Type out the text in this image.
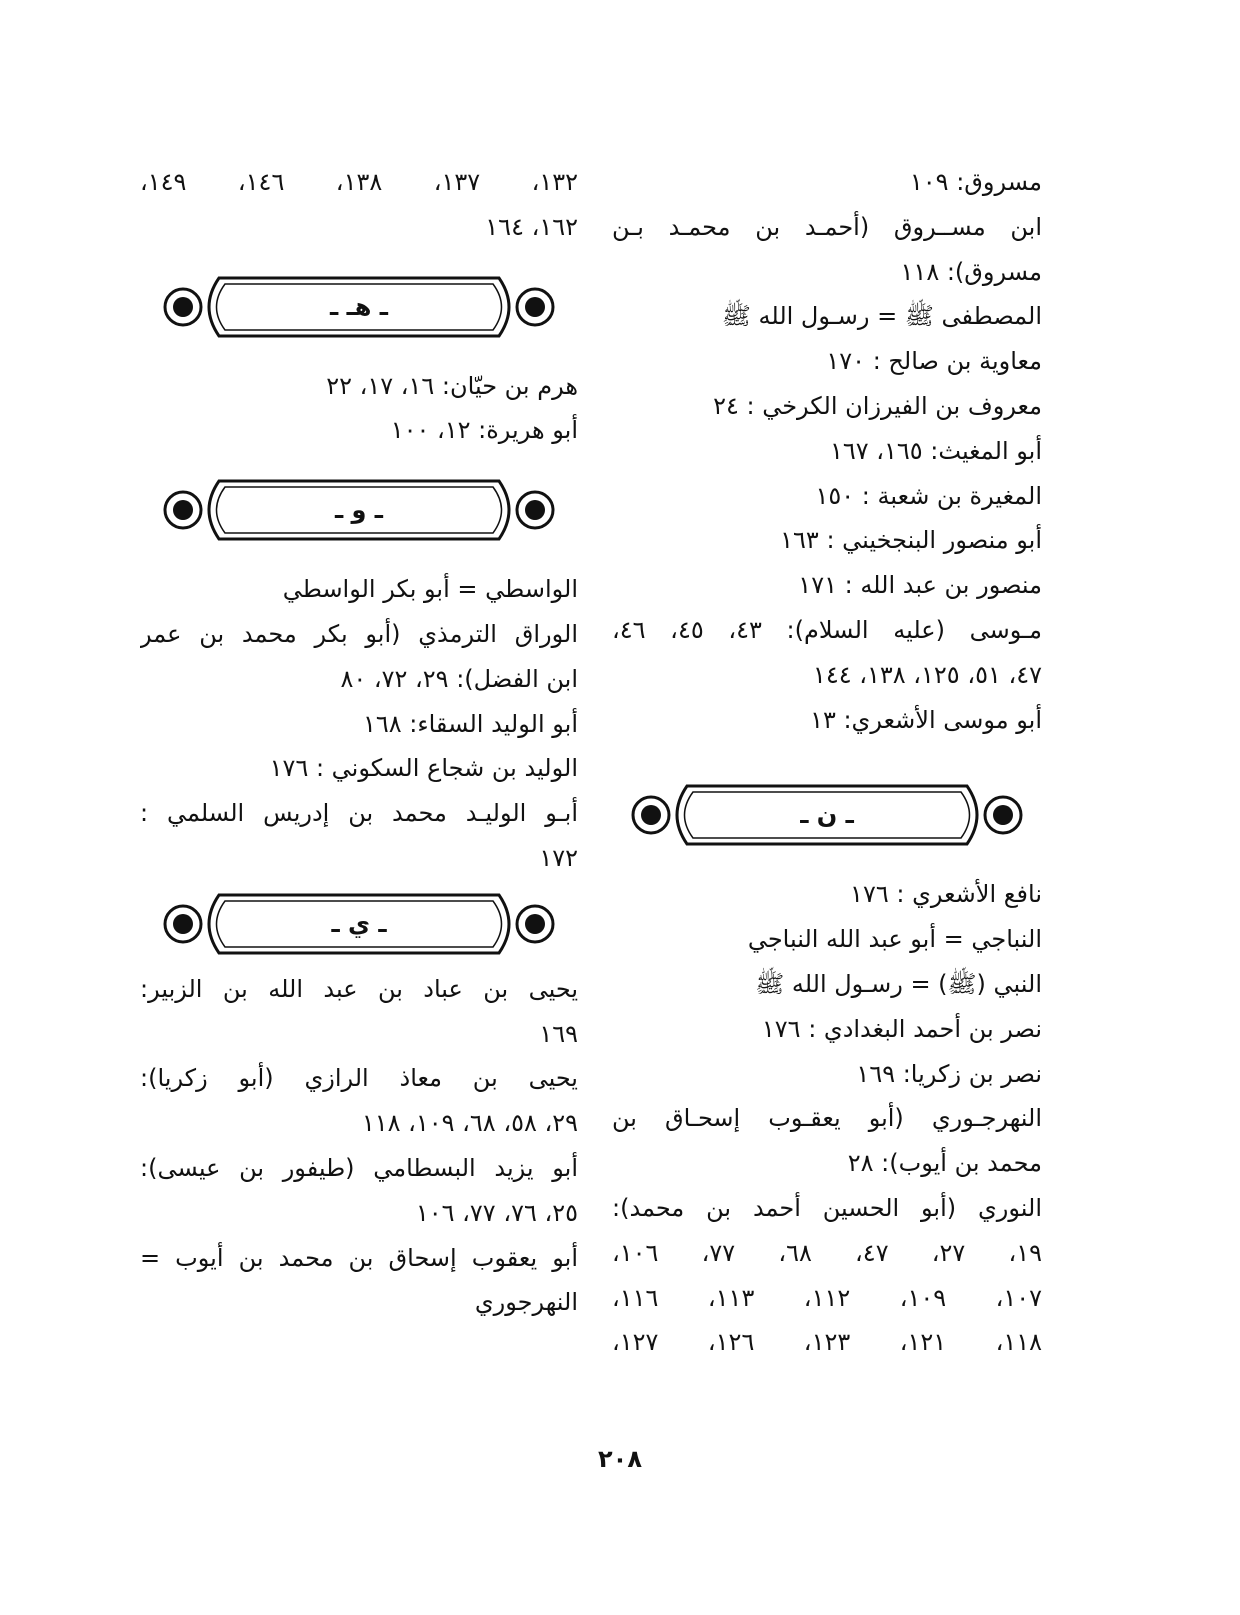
مسروق: ١٠٩
ابن مســروق (أحمـد بن محمـد بـن
مسروق): ١١٨
المصطفى ﷺ = رسـول الله ﷺ
معاوية بن صالح : ١٧٠
معروف بن الفيرزان الكرخي : ٢٤
أبو المغيث: ١٦٥، ١٦٧
المغيرة بن شعبة : ١٥٠
أبو منصور البنجخيني : ١٦٣
منصور بن عبد الله : ١٧١
مـوسى (عليه السلام): ٤٣، ٤٥، ٤٦،
٤٧، ٥١، ١٢٥، ١٣٨، ١٤٤
أبو موسى الأشعري: ١٣
ـ ن ـ
نافع الأشعري : ١٧٦
النباجي = أبو عبد الله النباجي
النبي (ﷺ) = رسـول الله ﷺ
نصر بن أحمد البغدادي : ١٧٦
نصر بن زكريا: ١٦٩
النهرجـوري (أبو يعقـوب إسحـاق بن
محمد بن أيوب): ٢٨
النوري (أبو الحسين أحمد بن محمد):
١٩، ٢٧، ٤٧، ٦٨، ٧٧، ١٠٦،
١٠٧، ١٠٩، ١١٢، ١١٣، ١١٦،
١١٨، ١٢١، ١٢٣، ١٢٦، ١٢٧،
١٣٢، ١٣٧، ١٣٨، ١٤٦، ١٤٩،
١٦٢، ١٦٤
ـ هـ ـ
هرم بن حيّان: ١٦، ١٧، ٢٢
أبو هريرة: ١٢، ١٠٠
ـ و ـ
الواسطي = أبو بكر الواسطي
الوراق الترمذي (أبو بكر محمد بن عمر
ابن الفضل): ٢٩، ٧٢، ٨٠
أبو الوليد السقاء: ١٦٨
الوليد بن شجاع السكوني : ١٧٦
أبـو الوليـد محمد بن إدريس السلمي :
١٧٢
ـ ي ـ
يحيى بن عباد بن عبد الله بن الزبير:
١٦٩
يحيى بن معاذ الرازي (أبو زكريا):
٢٩، ٥٨، ٦٨، ١٠٩، ١١٨
أبو يزيد البسطامي (طيفور بن عيسى):
٢٥، ٧٦، ٧٧، ١٠٦
أبو يعقوب إسحاق بن محمد بن أيوب =
النهرجوري
٢٠٨
